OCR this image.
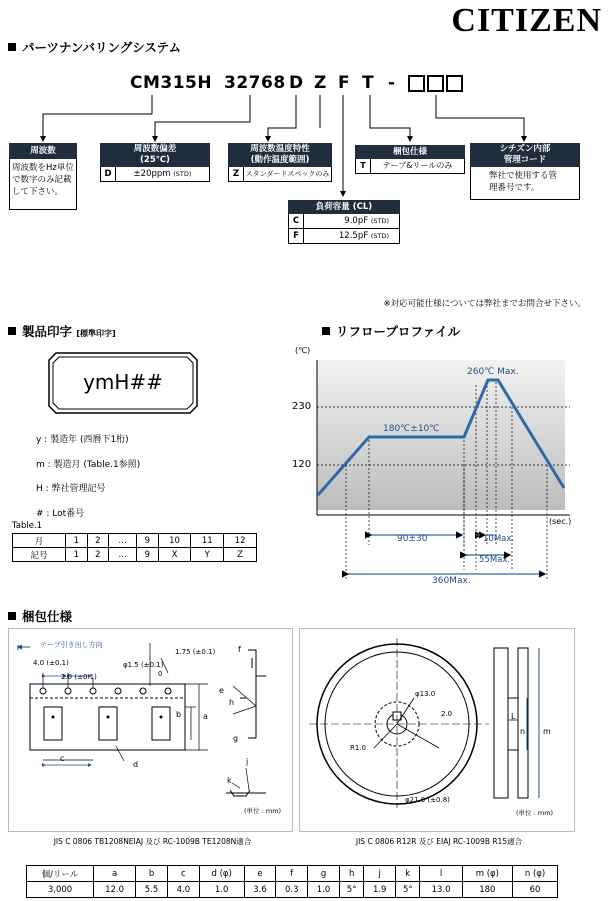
CITIZEN
パーツナンバリングシステム
CM315H 32768 D Z F T -
周波数
周波数をHz単位で数字のみ記載して下さい。
周波数偏差
(25℃)
D	±20ppm (STD)
周波数温度特性
(動作温度範囲)
Z スタンダードスペックのみ
梱包仕様
T	テープ&リールのみ
シチズン内部
管理コード
弊社で使用する管理番号です。
負荷容量 (CL)
C	9.0pF (STD)
F	12.5pF (STD)
※対応可能仕様については弊社までお問合せ下さい。
製品印字 [標準印字]
ymH##
y : 製造年 (西暦下1桁)
m : 製造月 (Table.1参照)
H : 弊社管理記号
# : Lot番号
Table.1
月	1	2	…	9	10	11	12
記号	1	2	…	9	X	Y	Z
リフロープロファイル
(℃)
(sec.)
230
120
260℃ Max.
180℃±10℃
90±30	10Max.
55Max.
360Max.
梱包仕様
テープ引き出し方向
4.0 (±0.1)
2.0 (±0.1)
φ1.5 (±0.1)
1.75 (±0.1)
0
a
b
c
d
e
f
g
h
j
k
(単位 : mm)
JIS C 0806 TB1208NEIAJ 及び RC-1009B TE1208N適合
φ13.0
2.0
R1.0
φ21.0 (±0.8)
L
n m
(単位 : mm)
JIS C 0806 R12R 及び EIAJ RC-1009B R15適合
個/リール	a	b	c	d (φ)	e	f	g	h	j	k	l	m (φ)	n (φ)
3,000	12.0	5.5	4.0	1.0	3.6	0.3	1.0	5°	1.9	5°	13.0	180	60
